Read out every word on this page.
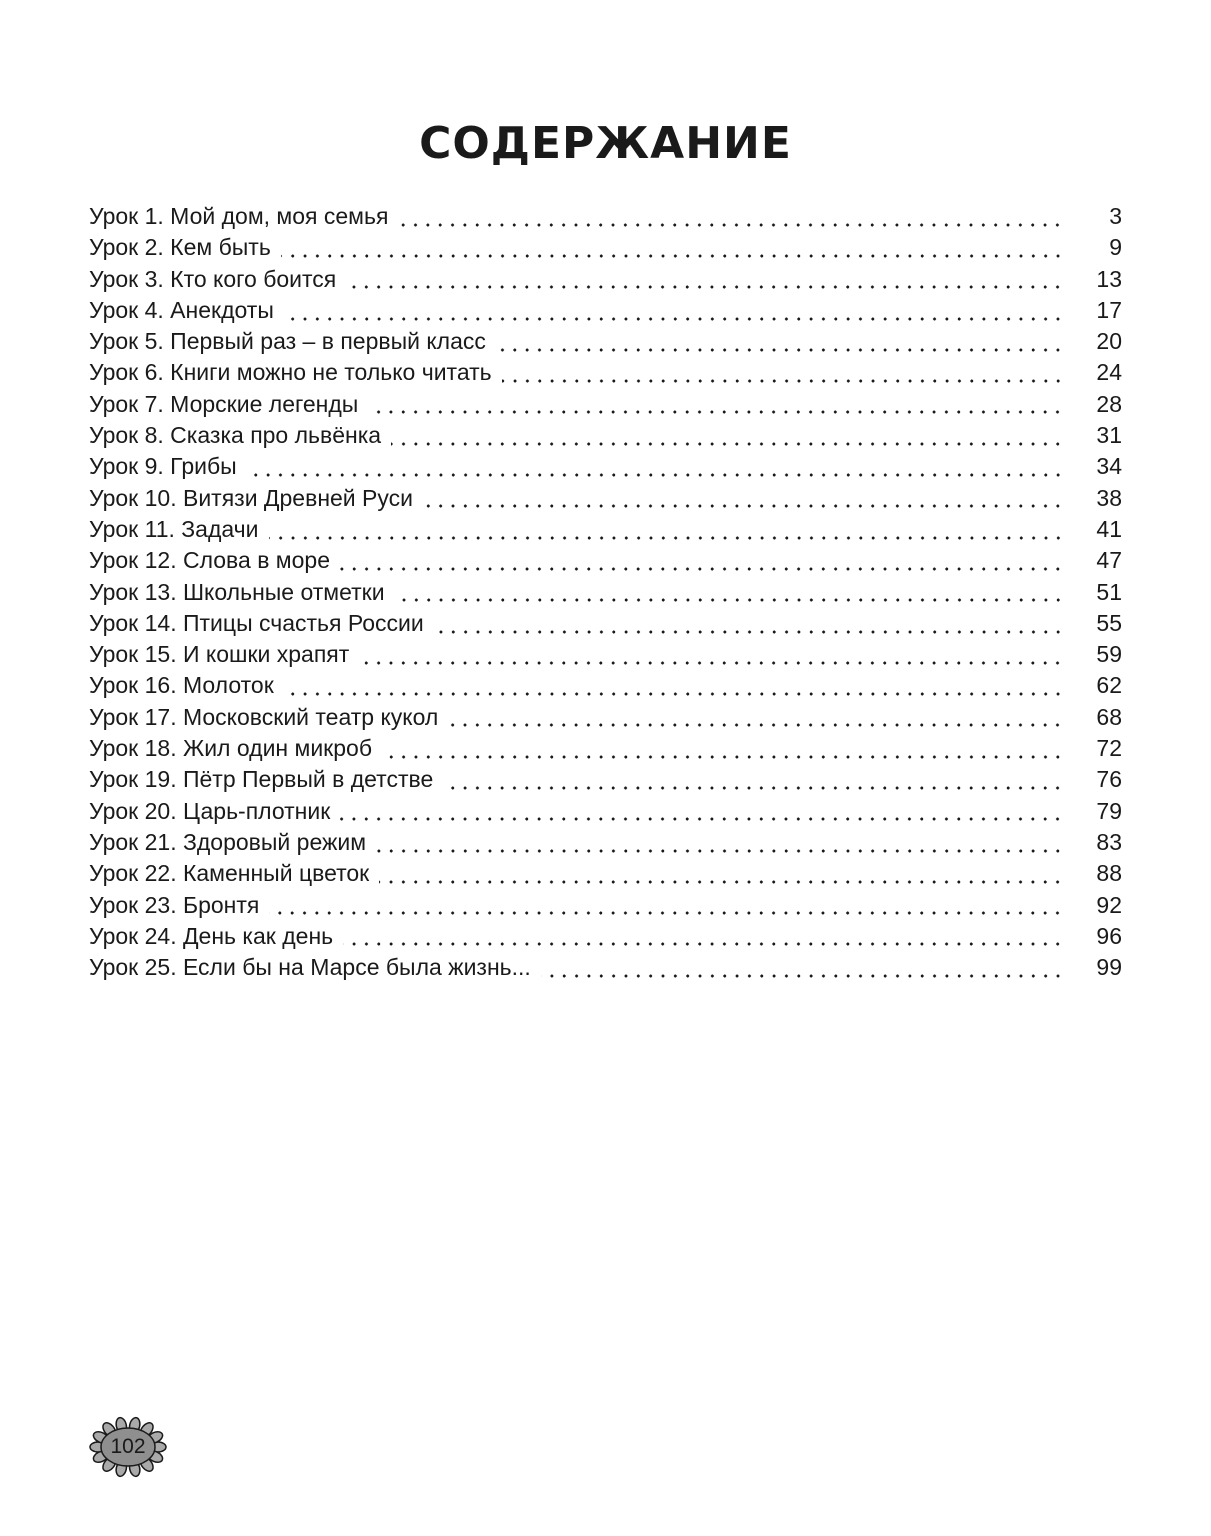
СОДЕРЖАНИЕ
Урок 1. Мой дом, моя семья	3
Урок 2. Кем быть	9
Урок 3. Кто кого боится	13
Урок 4. Анекдоты	17
Урок 5. Первый раз – в первый класс	20
Урок 6. Книги можно не только читать	24
Урок 7. Морские легенды	28
Урок 8. Сказка про львёнка	31
Урок 9. Грибы	34
Урок 10. Витязи Древней Руси	38
Урок 11. Задачи	41
Урок 12. Слова в море	47
Урок 13. Школьные отметки	51
Урок 14. Птицы счастья России	55
Урок 15. И кошки храпят	59
Урок 16. Молоток	62
Урок 17. Московский театр кукол	68
Урок 18. Жил один микроб	72
Урок 19. Пётр Первый в детстве	76
Урок 20. Царь-плотник	79
Урок 21. Здоровый режим	83
Урок 22. Каменный цветок	88
Урок 23. Бронтя	92
Урок 24. День как день	96
Урок 25. Если бы на Марсе была жизнь...	99
102
